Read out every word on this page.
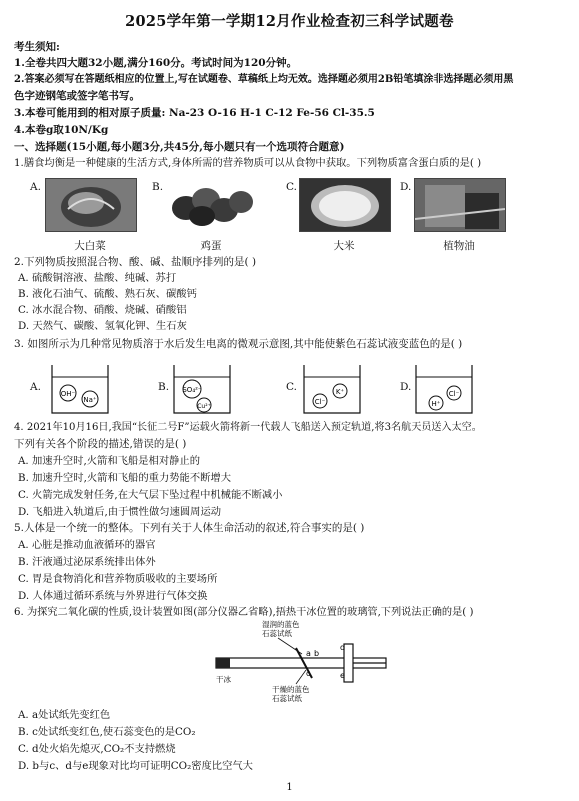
2025学年第一学期12月作业检查初三科学试题卷
考生须知:
1.全卷共四大题32小题,满分160分。考试时间为120分钟。
2.答案必须写在答题纸相应的位置上,写在试题卷、草稿纸上均无效。选择题必须用2B铅笔填涂非选择题必须用黑
色字迹钢笔或签字笔书写。
3.本卷可能用到的相对原子质量: Na-23 O-16 H-1 C-12 Fe-56 Cl-35.5
4.本卷g取10N/Kg
一、选择题(15小题,每小题3分,共45分,每小题只有一个选项符合题意)
1.膳食均衡是一种健康的生活方式,身体所需的营养物质可以从食物中获取。下列物质富含蛋白质的是( )
A.
大白菜
B.
鸡蛋
C.
大米
D.
植物油
2.下列物质按照混合物、酸、碱、盐顺序排列的是( )
A. 硫酸铜溶液、盐酸、纯碱、苏打
B. 液化石油气、硫酸、熟石灰、碳酸钙
C. 冰水混合物、硝酸、烧碱、硝酸铝
D. 天然气、碳酸、氢氧化钾、生石灰
3. 如图所示为几种常见物质溶于水后发生电离的微观示意图,其中能使紫色石蕊试液变蓝色的是( )
A.
OH⁻
Na⁺
B. SO₄²⁻
Cu²⁺
C.
Cl⁻
K⁺	D.
H⁺
Cl⁻
4. 2021年10月16日,我国“长征二号F”运载火箭将新一代载人飞船送入预定轨道,将3名航天员送入太空。
下列有关各个阶段的描述,错误的是( )
A. 加速升空时,火箭和飞船是相对静止的
B. 加速升空时,火箭和飞船的重力势能不断增大
C. 火箭完成发射任务,在大气层下坠过程中机械能不断减小
D. 飞船进入轨道后,由于惯性做匀速圆周运动
5.人体是一个统一的整体。下列有关于人体生命活动的叙述,符合事实的是( )
A. 心脏是推动血液循环的器官
B. 汗液通过泌尿系统排出体外
C. 胃是食物消化和营养物质吸收的主要场所
D. 人体通过循环系统与外界进行气体交换
6. 为探究二氧化碳的性质,设计装置如图(部分仪器乙省略),捂热干冰位置的玻璃管,下列说法正确的是( )
湿润的蓝色
石蕊试纸
a b
c
d
e
干冰
干燥的蓝色
石蕊试纸
A. a处试纸先变红色
B. c处试纸变红色,使石蕊变色的是CO₂
C. d处火焰先熄灭,CO₂不支持燃烧
D. b与c、d与e现象对比均可证明CO₂密度比空气大
1
